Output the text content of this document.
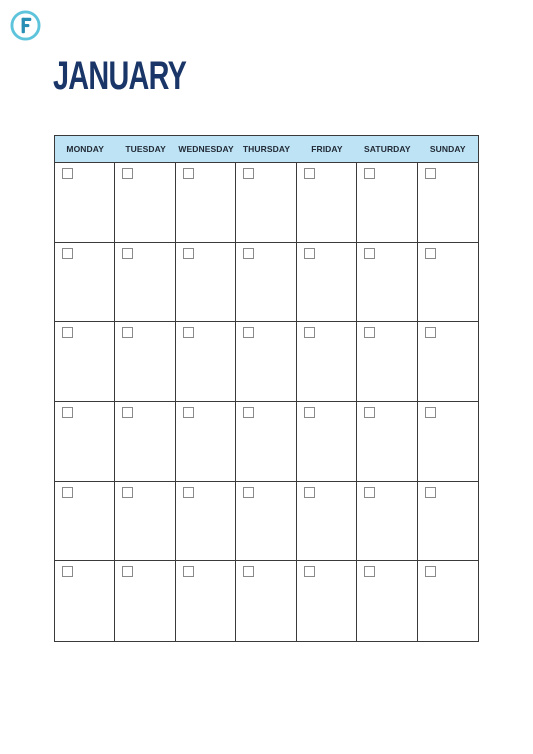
JANUARY
MONDAY	TUESDAY	WEDNESDAY	THURSDAY	FRIDAY	SATURDAY	SUNDAY
